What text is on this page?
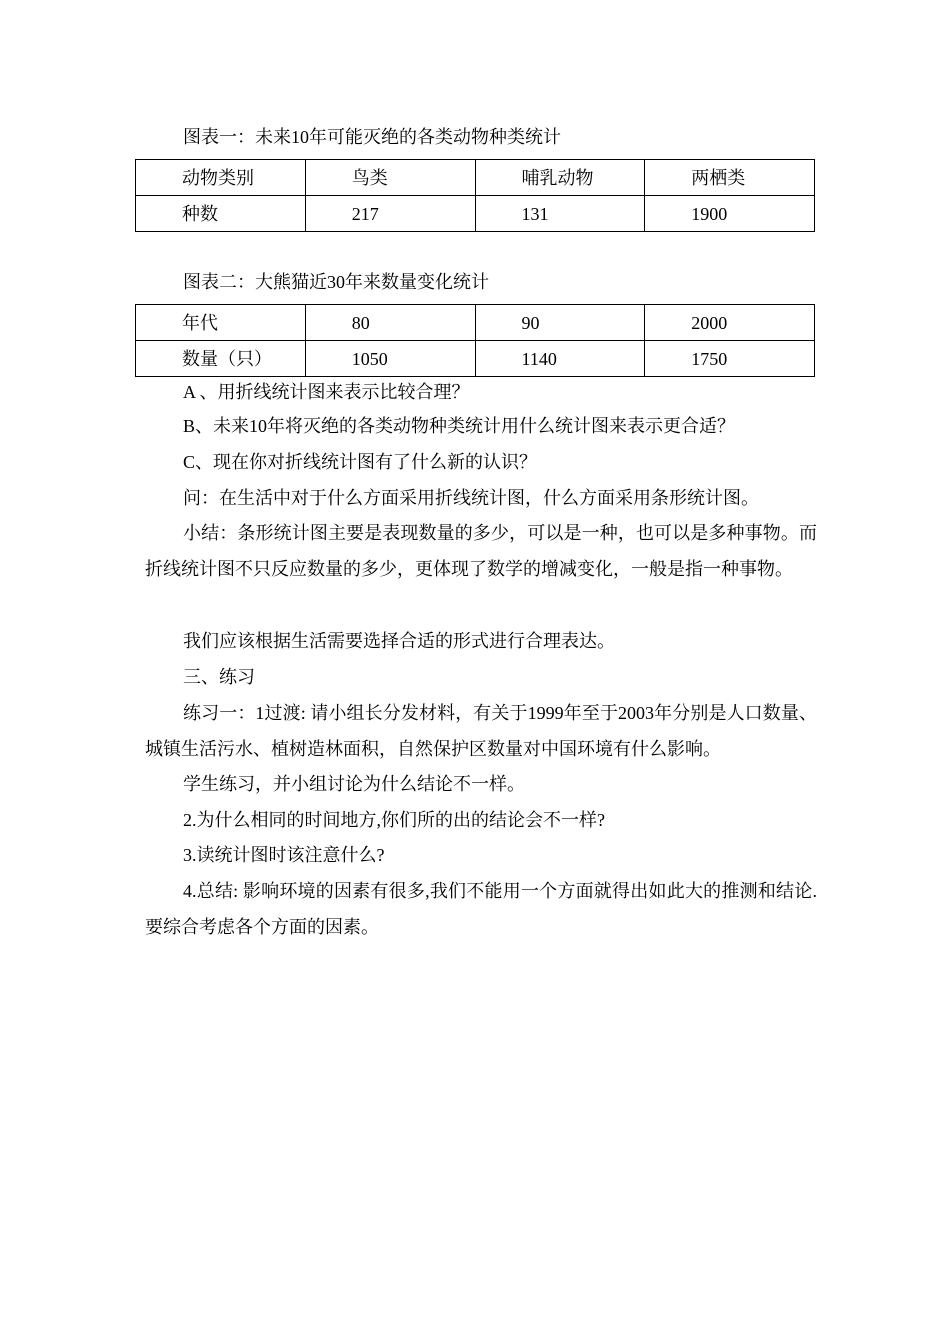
图表一：未来10年可能灭绝的各类动物种类统计
动物类别	鸟类	哺乳动物	两栖类
种数	217	131	1900
图表二：大熊猫近30年来数量变化统计
年代	80	90	2000
数量（只）	1050	1140	1750
A 、用折线统计图来表示比较合理？
B、未来10年将灭绝的各类动物种类统计用什么统计图来表示更合适？
C、现在你对折线统计图有了什么新的认识？
问：在生活中对于什么方面采用折线统计图，什么方面采用条形统计图。
小结：条形统计图主要是表现数量的多少，可以是一种，也可以是多种事物。而折线统计图不只反应数量的多少，更体现了数学的增减变化，一般是指一种事物。
我们应该根据生活需要选择合适的形式进行合理表达。
三、练习
练习一：1过渡: 请小组长分发材料，有关于1999年至于2003年分别是人口数量、城镇生活污水、植树造林面积，自然保护区数量对中国环境有什么影响。
学生练习，并小组讨论为什么结论不一样。
2.为什么相同的时间地方,你们所的出的结论会不一样?
3.读统计图时该注意什么?
4.总结: 影响环境的因素有很多,我们不能用一个方面就得出如此大的推测和结论.要综合考虑各个方面的因素。
